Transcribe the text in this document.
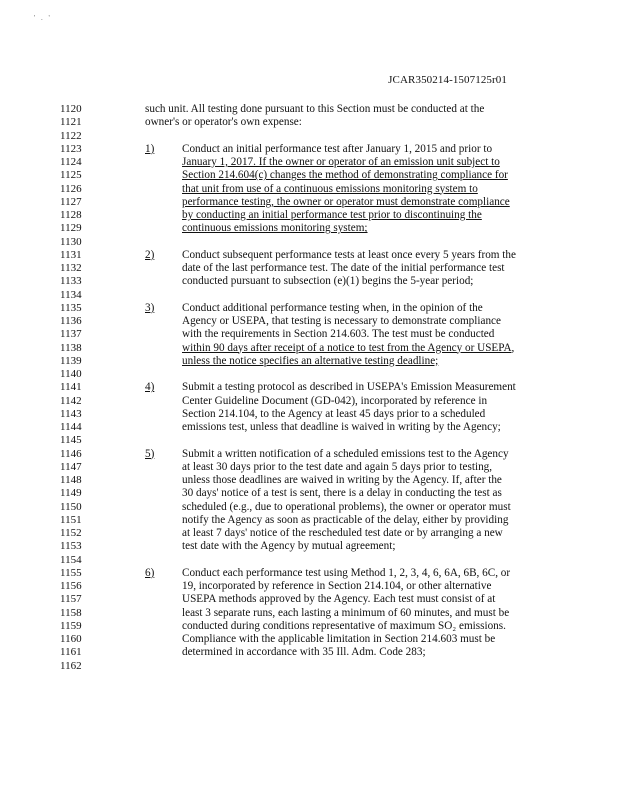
' . '
JCAR350214-1507125r01
1120	such unit. All testing done pursuant to this Section must be conducted at the
1121	owner's or operator's own expense:
1122
1123	1) Conduct an initial performance test after January 1, 2015 and prior to
1124	January 1, 2017. If the owner or operator of an emission unit subject to
1125	Section 214.604(c) changes the method of demonstrating compliance for
1126	that unit from use of a continuous emissions monitoring system to
1127	performance testing, the owner or operator must demonstrate compliance
1128	by conducting an initial performance test prior to discontinuing the
1129	continuous emissions monitoring system;
1130
1131	2) Conduct subsequent performance tests at least once every 5 years from the
1132	date of the last performance test. The date of the initial performance test
1133	conducted pursuant to subsection (e)(1) begins the 5-year period;
1134
1135	3) Conduct additional performance testing when, in the opinion of the
1136	Agency or USEPA, that testing is necessary to demonstrate compliance
1137	with the requirements in Section 214.603. The test must be conducted
1138	within 90 days after receipt of a notice to test from the Agency or USEPA,
1139	unless the notice specifies an alternative testing deadline;
1140
1141	4) Submit a testing protocol as described in USEPA's Emission Measurement
1142	Center Guideline Document (GD-042), incorporated by reference in
1143	Section 214.104, to the Agency at least 45 days prior to a scheduled
1144	emissions test, unless that deadline is waived in writing by the Agency;
1145
1146	5) Submit a written notification of a scheduled emissions test to the Agency
1147	at least 30 days prior to the test date and again 5 days prior to testing,
1148	unless those deadlines are waived in writing by the Agency. If, after the
1149	30 days' notice of a test is sent, there is a delay in conducting the test as
1150	scheduled (e.g., due to operational problems), the owner or operator must
1151	notify the Agency as soon as practicable of the delay, either by providing
1152	at least 7 days' notice of the rescheduled test date or by arranging a new
1153	test date with the Agency by mutual agreement;
1154
1155	6) Conduct each performance test using Method 1, 2, 3, 4, 6, 6A, 6B, 6C, or
1156	19, incorporated by reference in Section 214.104, or other alternative
1157	USEPA methods approved by the Agency. Each test must consist of at
1158	least 3 separate runs, each lasting a minimum of 60 minutes, and must be
1159	conducted during conditions representative of maximum SO₂ emissions.
1160	Compliance with the applicable limitation in Section 214.603 must be
1161	determined in accordance with 35 Ill. Adm. Code 283;
1162
